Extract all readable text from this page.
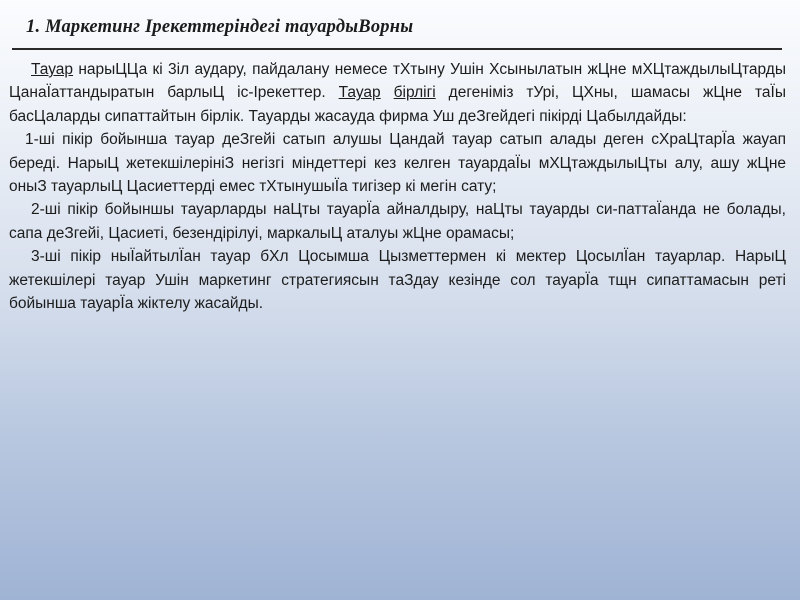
1. Маркетинг Ірекеттеріндегі тауардыВорны

Тауар нарыЦЦа кі 3іл аудару, пайдалану немесе тХтыну Ушін Хсынылатын жЦне мХЦтаждылыЦтарды ЦанаЇаттандыратын барлыЦ іс-Ірекеттер. Тауар бірлігі дегеніміз тУрі, ЦХны, шамасы жЦне таЇы басЦаларды сипаттайтын бірлік. Тауарды жасауда фирма Уш деЗгейдегі пікірді Цабылдайды:

1-ші пікір бойынша тауар деЗгейі сатып алушы Цандай тауар сатып алады деген сХраЦтарЇа жауап береді. НарыЦ жетекшілерініЗ негізгі міндеттері кез келген тауардаЇы мХЦтаждылыЦты алу, ашу жЦне оныЗ тауарлыЦ Цасиеттерді емес тХтынушыЇа тигізер кі мегін сату;

2-ші пікір бойыншы тауарларды наЦты тауарЇа айналдыру, наЦты тауарды си-паттаЇанда не болады, сапа деЗгейі, Цасиеті, безендірілуі, маркалыЦ аталуы жЦне орамасы;

3-ші пікір ныЇайтылЇан тауар бХл Цосымша Цызметтермен кі мектер ЦосылЇан тауарлар. НарыЦ жетекшілері тауар Ушін маркетинг стратегиясын таЗдау кезінде сол тауарЇа тщн сипаттамасын реті бойынша тауарЇа жіктелу жасайды.
